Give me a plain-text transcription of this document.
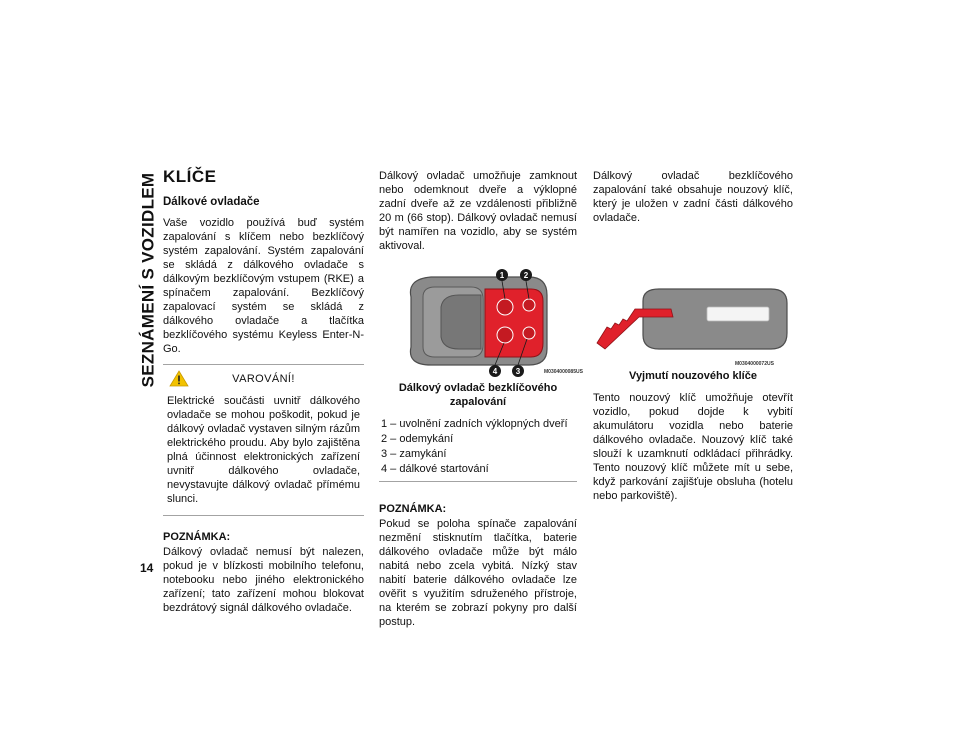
SEZNÁMENÍ S VOZIDLEM
14
KLÍČE
Dálkové ovladače

Vaše vozidlo používá buď systém zapalování s klíčem nebo bezklíčový systém zapalování. Systém zapalování se skládá z dálkového ovladače s dálkovým bezklíčovým vstupem (RKE) a spínačem zapalování. Bezklíčový zapalovací systém se skládá z dálkového ovladače a tlačítka bezklíčového systému Keyless Enter-N-Go.

VAROVÁNÍ!

Elektrické součásti uvnitř dálkového ovladače se mohou poškodit, pokud je dálkový ovladač vystaven silným rázům elektrického proudu. Aby bylo zajištěna plná účinnost elektronických zařízení uvnitř dálkového ovladače, nevystavujte dálkový ovladač přímému slunci.

POZNÁMKA:

Dálkový ovladač nemusí být nalezen, pokud je v blízkosti mobilního telefonu, notebooku nebo jiného elektronického zařízení; tato zařízení mohou blokovat bezdrátový signál dálkového ovladače.

Dálkový ovladač umožňuje zamknout nebo odemknout dveře a výklopné zadní dveře až ze vzdálenosti přibližně 20 m (66 stop). Dálkový ovladač nemusí být namířen na vozidlo, aby se systém aktivoval.

1 2
3
4	M0304000085US
Dálkový ovladač bezklíčového zapalování
1 – uvolnění zadních výklopných dveří
2 – odemykání
3 – zamykání
4 – dálkové startování
POZNÁMKA:

Pokud se poloha spínače zapalování nezmění stisknutím tlačítka, baterie dálkového ovladače může být málo nabitá nebo zcela vybitá. Nízký stav nabití baterie dálkového ovladače lze ověřit s využitím sdruženého přístroje, na kterém se zobrazí pokyny pro další postup.

Dálkový ovladač bezklíčového zapalování také obsahuje nouzový klíč, který je uložen v zadní části dálkového ovladače.

M0304000072US
Vyjmutí nouzového klíče

Tento nouzový klíč umožňuje otevřít vozidlo, pokud dojde k vybití akumulátoru vozidla nebo baterie dálkového ovladače. Nouzový klíč také slouží k uzamknutí odkládací přihrádky. Tento nouzový klíč můžete mít u sebe, když parkování zajišťuje obsluha (hotelu nebo parkoviště).
